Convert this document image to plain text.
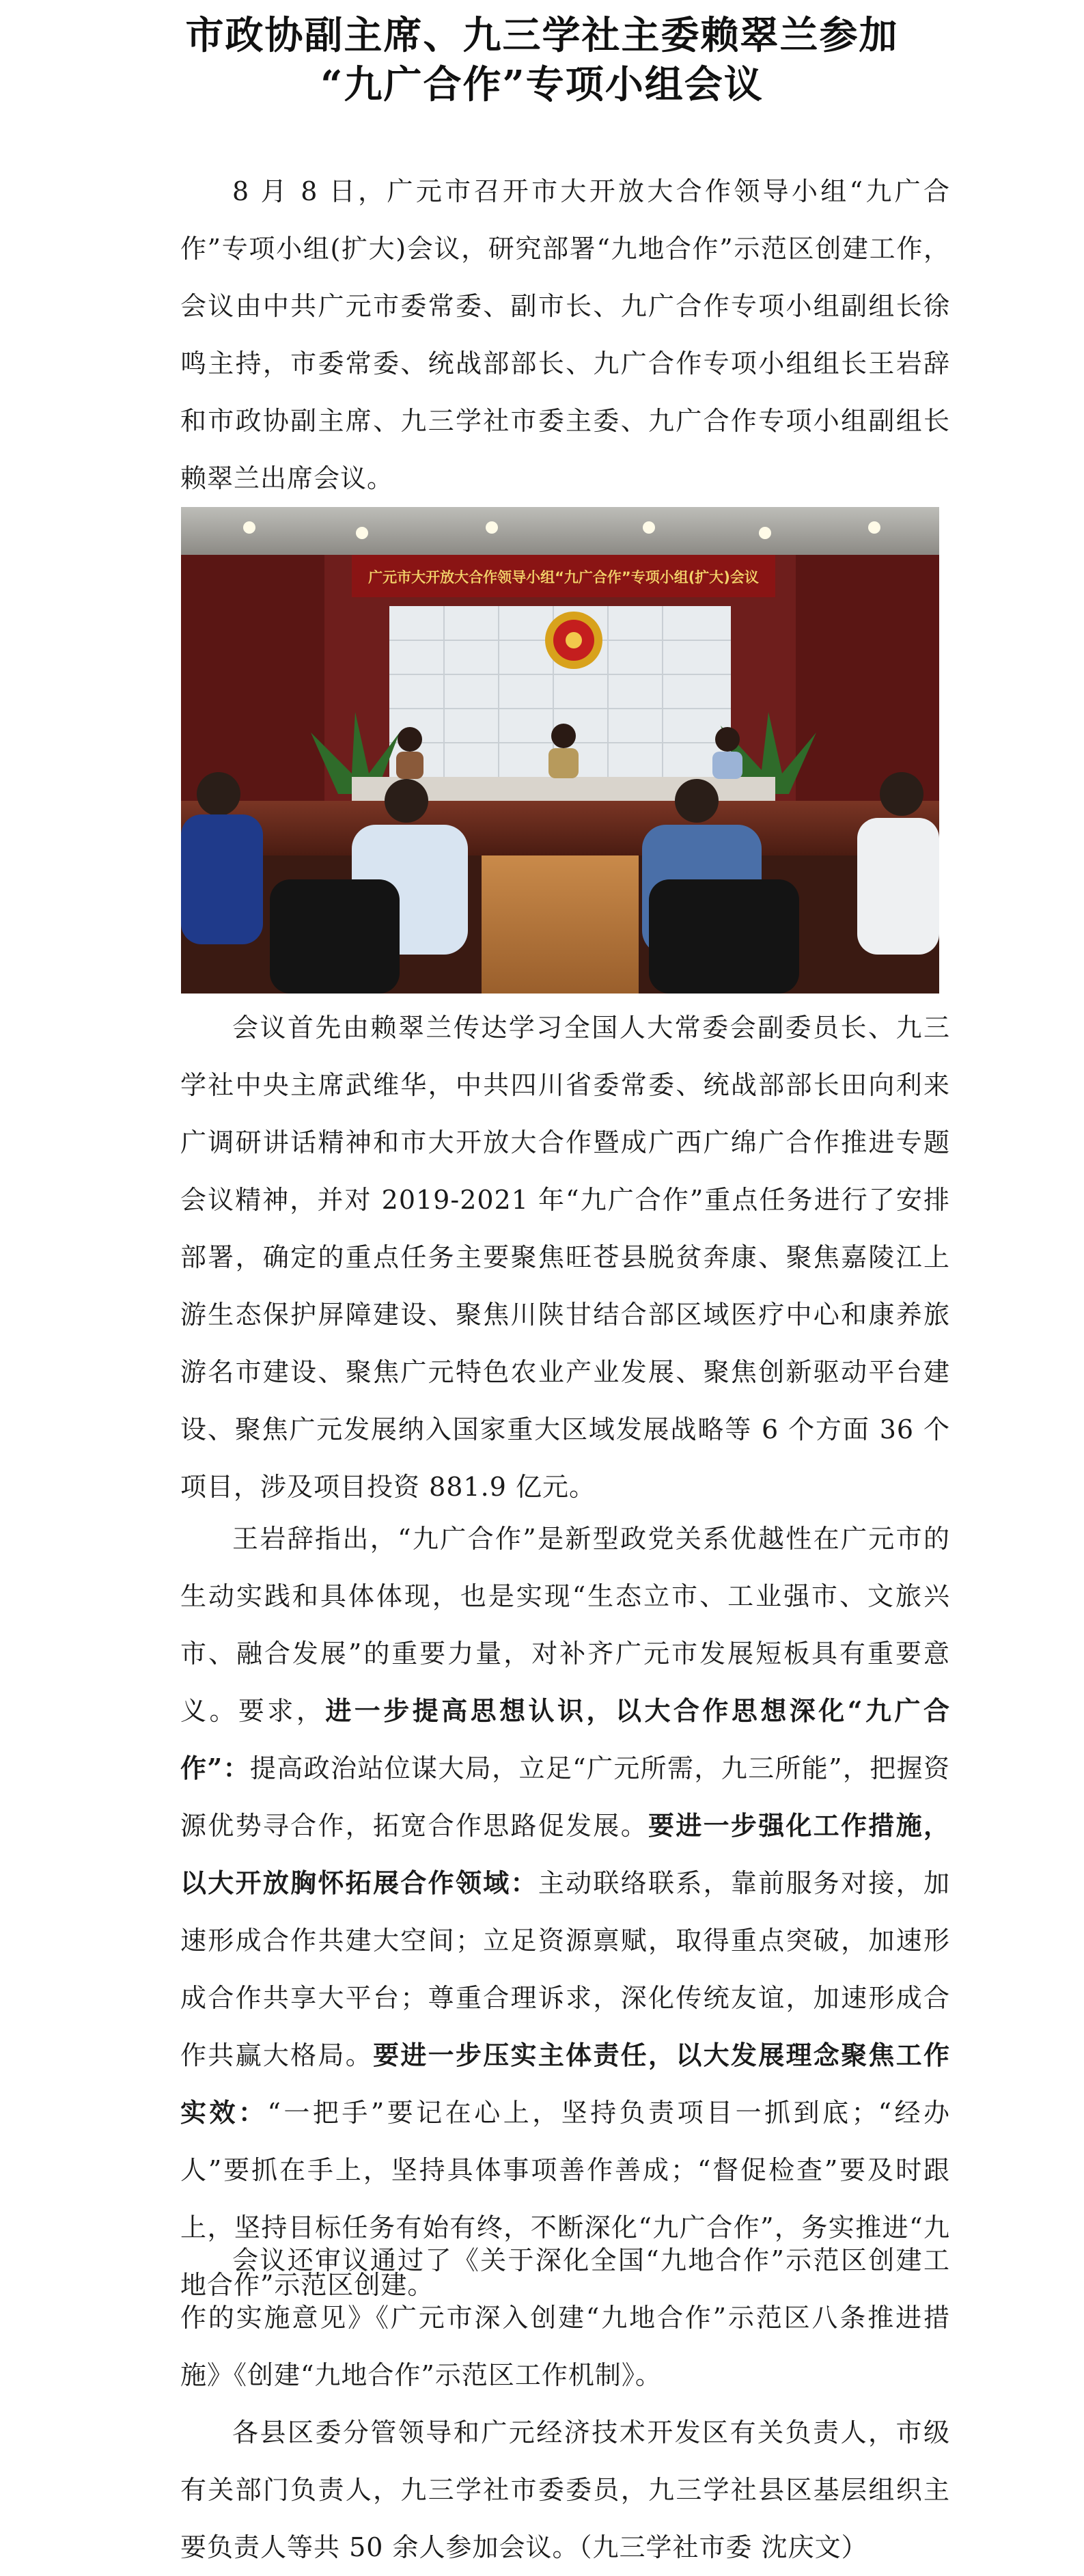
市政协副主席、九三学社主委赖翠兰参加
“九广合作”专项小组会议

8 月 8 日，广元市召开市大开放大合作领导小组“九广合作”专项小组(扩大)会议，研究部署“九地合作”示范区创建工作，会议由中共广元市委常委、副市长、九广合作专项小组副组长徐鸣主持，市委常委、统战部部长、九广合作专项小组组长王岩辞和市政协副主席、九三学社市委主委、九广合作专项小组副组长赖翠兰出席会议。

广元市大开放大合作领导小组“九广合作”专项小组(扩大)会议

会议首先由赖翠兰传达学习全国人大常委会副委员长、九三学社中央主席武维华，中共四川省委常委、统战部部长田向利来广调研讲话精神和市大开放大合作暨成广西广绵广合作推进专题会议精神，并对 2019-2021 年“九广合作”重点任务进行了安排部署，确定的重点任务主要聚焦旺苍县脱贫奔康、聚焦嘉陵江上游生态保护屏障建设、聚焦川陕甘结合部区域医疗中心和康养旅游名市建设、聚焦广元特色农业产业发展、聚焦创新驱动平台建设、聚焦广元发展纳入国家重大区域发展战略等 6 个方面 36 个项目，涉及项目投资 881.9 亿元。

王岩辞指出，“九广合作”是新型政党关系优越性在广元市的生动实践和具体体现，也是实现“生态立市、工业强市、文旅兴市、融合发展”的重要力量，对补齐广元市发展短板具有重要意义。要求，进一步提高思想认识，以大合作思想深化“九广合作”：提高政治站位谋大局，立足“广元所需，九三所能”，把握资源优势寻合作，拓宽合作思路促发展。要进一步强化工作措施，以大开放胸怀拓展合作领域：主动联络联系，靠前服务对接，加速形成合作共建大空间；立足资源禀赋，取得重点突破，加速形成合作共享大平台；尊重合理诉求，深化传统友谊，加速形成合作共赢大格局。要进一步压实主体责任，以大发展理念聚焦工作实效：“一把手”要记在心上，坚持负责项目一抓到底；“经办人”要抓在手上，坚持具体事项善作善成；“督促检查”要及时跟上，坚持目标任务有始有终，不断深化“九广合作”，务实推进“九地合作”示范区创建。

会议还审议通过了《关于深化全国“九地合作”示范区创建工作的实施意见》《广元市深入创建“九地合作”示范区八条推进措施》《创建“九地合作”示范区工作机制》。

各县区委分管领导和广元经济技术开发区有关负责人，市级有关部门负责人，九三学社市委委员，九三学社县区基层组织主要负责人等共 50 余人参加会议。（九三学社市委 沈庆文）
